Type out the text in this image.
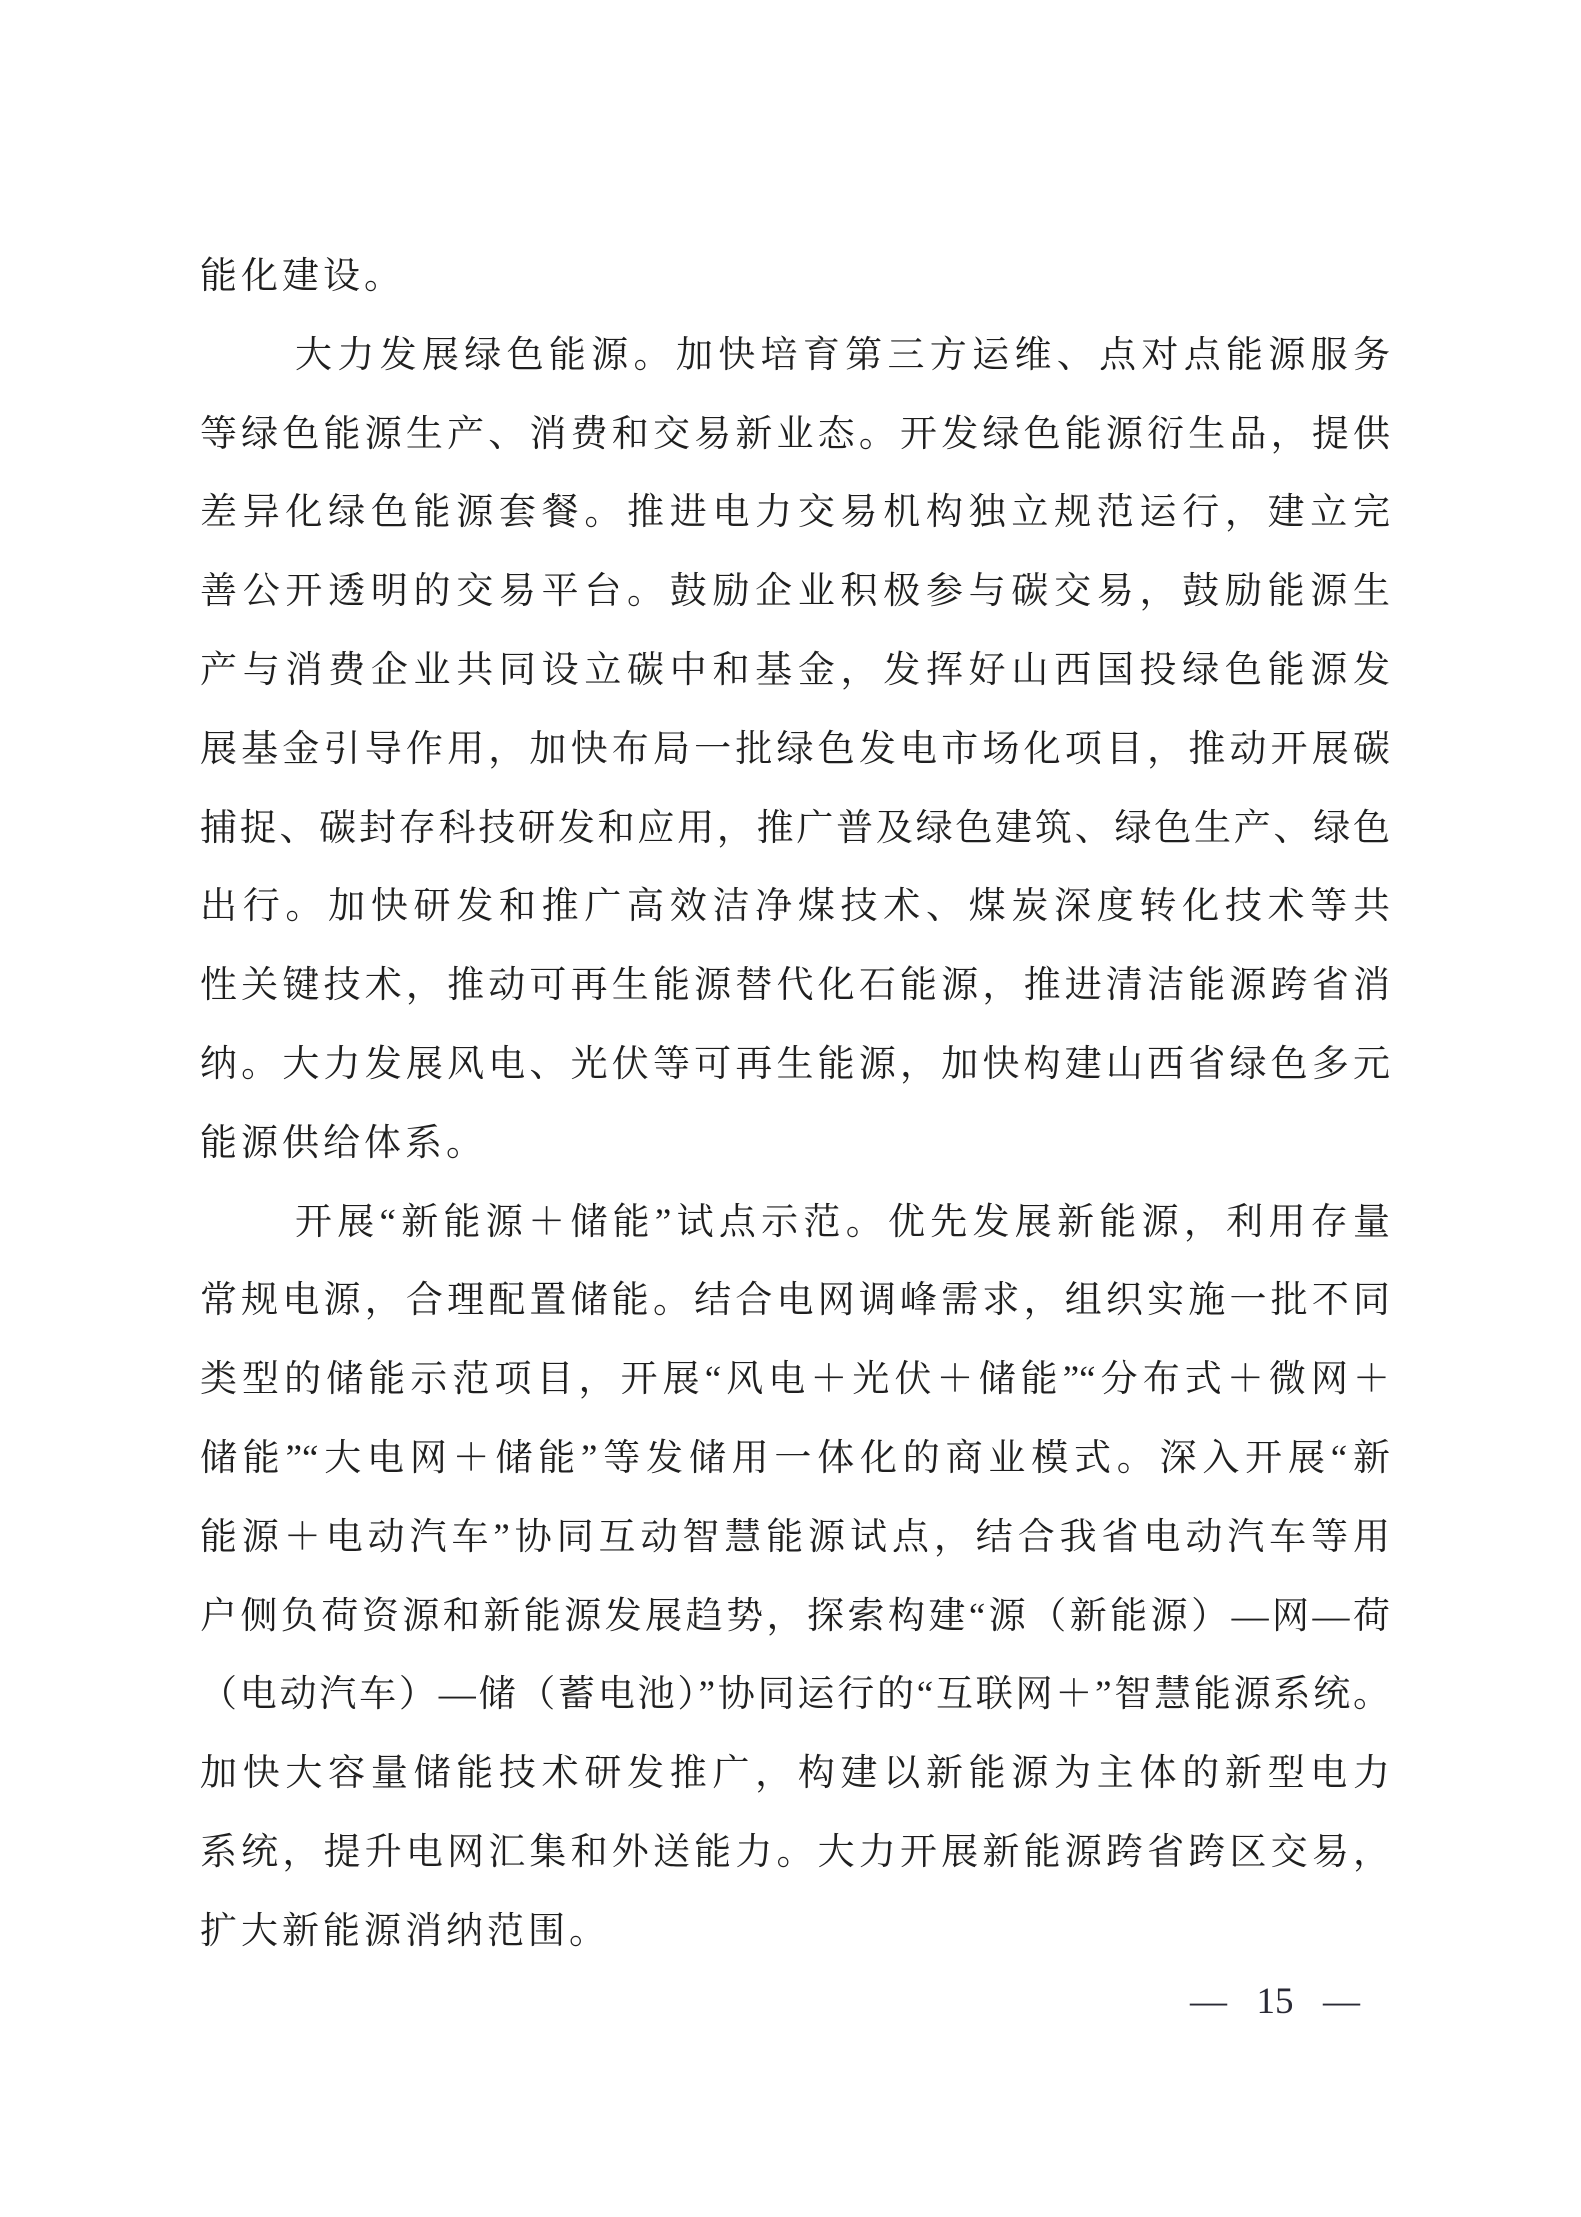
能化建设。
大力发展绿色能源。加快培育第三方运维、点对点能源服务
等绿色能源生产、消费和交易新业态。开发绿色能源衍生品，提供
差异化绿色能源套餐。推进电力交易机构独立规范运行，建立完
善公开透明的交易平台。鼓励企业积极参与碳交易，鼓励能源生
产与消费企业共同设立碳中和基金，发挥好山西国投绿色能源发
展基金引导作用，加快布局一批绿色发电市场化项目，推动开展碳
捕捉、碳封存科技研发和应用，推广普及绿色建筑、绿色生产、绿色
出行。加快研发和推广高效洁净煤技术、煤炭深度转化技术等共
性关键技术，推动可再生能源替代化石能源，推进清洁能源跨省消
纳。大力发展风电、光伏等可再生能源，加快构建山西省绿色多元
能源供给体系。
开展“新能源＋储能”试点示范。优先发展新能源，利用存量
常规电源，合理配置储能。结合电网调峰需求，组织实施一批不同
类型的储能示范项目，开展“风电＋光伏＋储能”“分布式＋微网＋
储能”“大电网＋储能”等发储用一体化的商业模式。深入开展“新
能源＋电动汽车”协同互动智慧能源试点，结合我省电动汽车等用
户侧负荷资源和新能源发展趋势，探索构建“源（新能源）—网—荷
（电动汽车）—储（蓄电池）”协同运行的“互联网＋”智慧能源系统。
加快大容量储能技术研发推广，构建以新能源为主体的新型电力
系统，提升电网汇集和外送能力。大力开展新能源跨省跨区交易，
扩大新能源消纳范围。
— 15 —
